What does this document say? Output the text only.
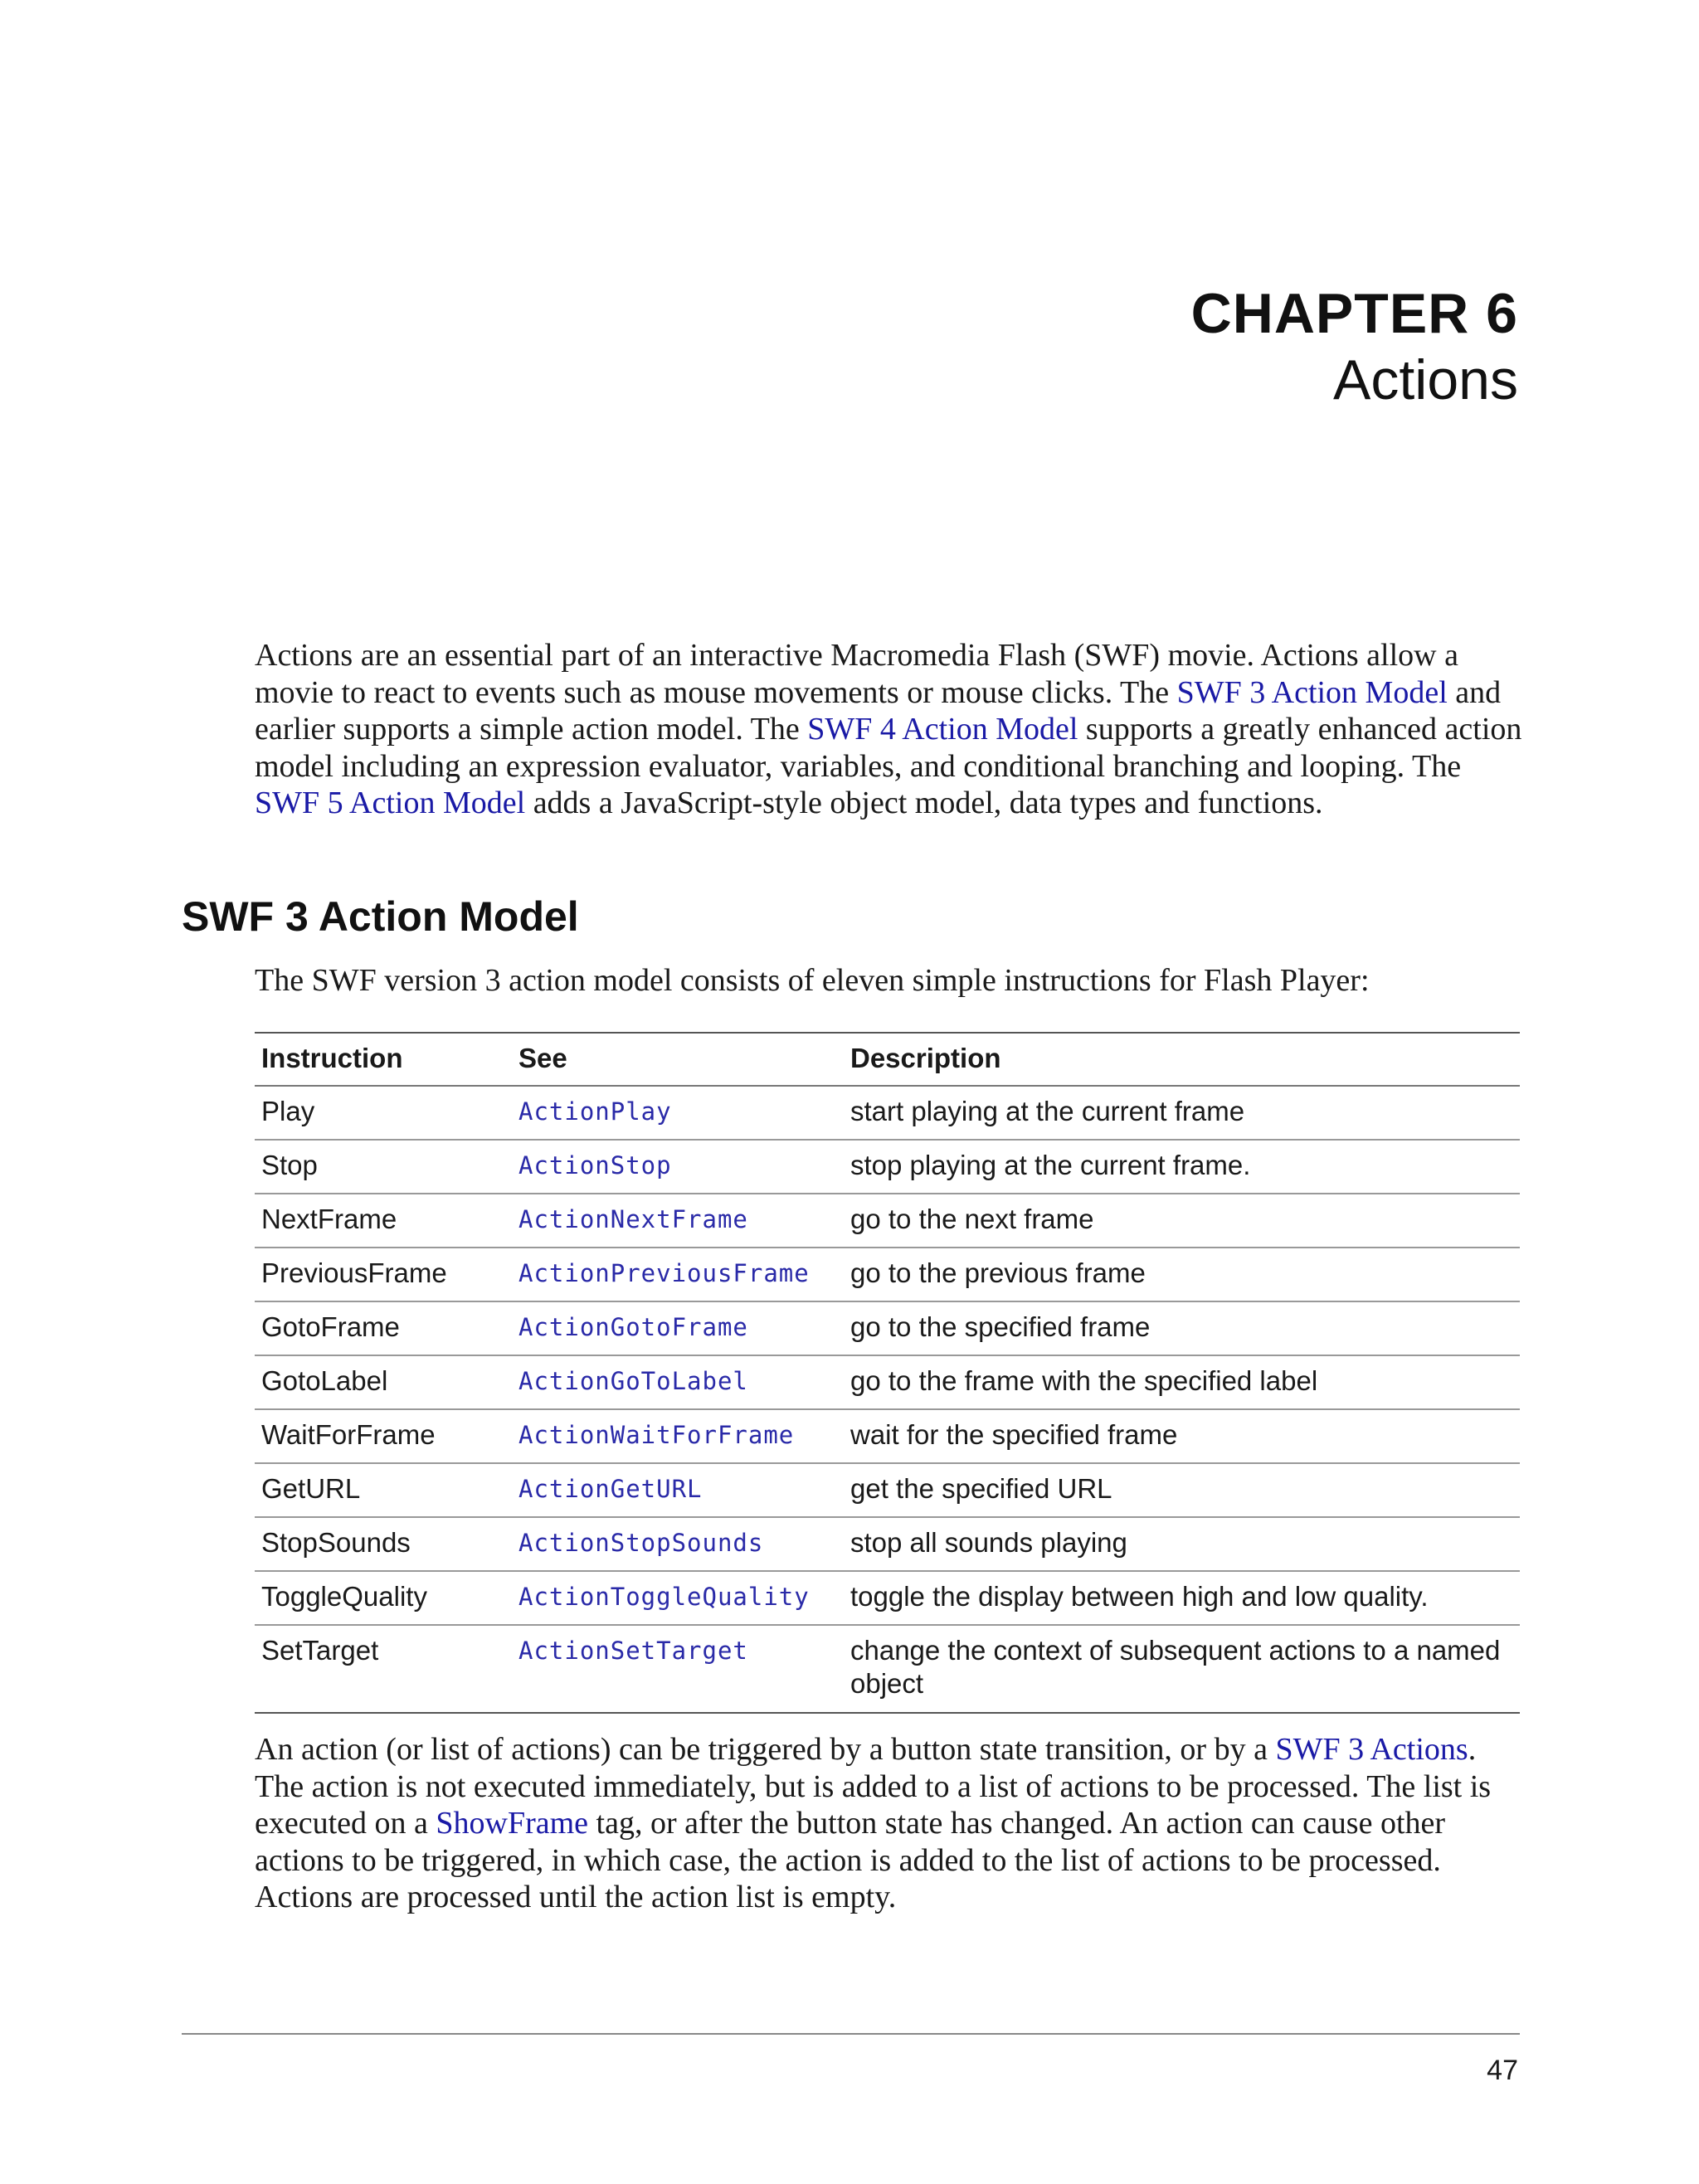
CHAPTER 6
Actions

Actions are an essential part of an interactive Macromedia Flash (SWF) movie. Actions allow a movie to react to events such as mouse movements or mouse clicks. The SWF 3 Action Model and earlier supports a simple action model. The SWF 4 Action Model supports a greatly enhanced action model including an expression evaluator, variables, and conditional branching and looping. The SWF 5 Action Model adds a JavaScript-style object model, data types and functions.

SWF 3 Action Model

The SWF version 3 action model consists of eleven simple instructions for Flash Player:

Instruction	See	Description
Play	ActionPlay	start playing at the current frame
Stop	ActionStop	stop playing at the current frame.
NextFrame	ActionNextFrame	go to the next frame
PreviousFrame	ActionPreviousFrame	go to the previous frame
GotoFrame	ActionGotoFrame	go to the specified frame
GotoLabel	ActionGoToLabel	go to the frame with the specified label
WaitForFrame	ActionWaitForFrame	wait for the specified frame
GetURL	ActionGetURL	get the specified URL
StopSounds	ActionStopSounds	stop all sounds playing
ToggleQuality	ActionToggleQuality	toggle the display between high and low quality.
SetTarget	ActionSetTarget	change the context of subsequent actions to a named object

An action (or list of actions) can be triggered by a button state transition, or by a SWF 3 Actions. The action is not executed immediately, but is added to a list of actions to be processed. The list is executed on a ShowFrame tag, or after the button state has changed. An action can cause other actions to be triggered, in which case, the action is added to the list of actions to be processed. Actions are processed until the action list is empty.

47
